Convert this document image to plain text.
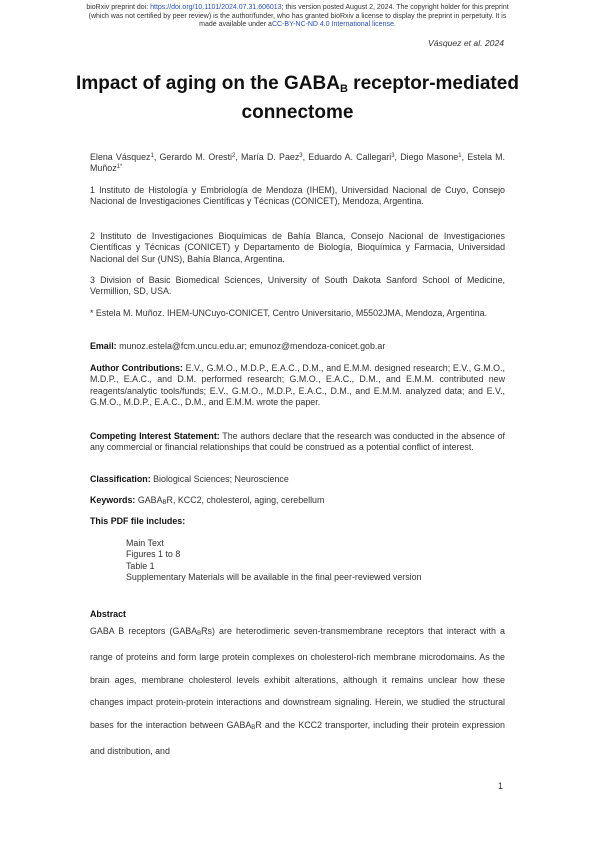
bioRxiv preprint doi: https://doi.org/10.1101/2024.07.31.606013; this version posted August 2, 2024. The copyright holder for this preprint
(which was not certified by peer review) is the author/funder, who has granted bioRxiv a license to display the preprint in perpetuity. It is
made available under aCC-BY-NC-ND 4.0 International license.
Vásquez et al. 2024
Impact of aging on the $GABA_B$ receptor-mediated connectome
Elena Vásquez$^1$, Gerardo M. Oresti$^2$, María D. Paez$^3$, Eduardo A. Callegari$^3$, Diego Masone$^1$, Estela M. Muñoz$^{1*}$
1 Instituto de Histología y Embriología de Mendoza (IHEM), Universidad Nacional de Cuyo, Consejo Nacional de Investigaciones Científicas y Técnicas (CONICET), Mendoza, Argentina.
2 Instituto de Investigaciones Bioquímicas de Bahía Blanca, Consejo Nacional de Investigaciones Científicas y Técnicas (CONICET) y Departamento de Biología, Bioquímica y Farmacia, Universidad Nacional del Sur (UNS), Bahía Blanca, Argentina.
3 Division of Basic Biomedical Sciences, University of South Dakota Sanford School of Medicine, Vermillion, SD, USA.
* Estela M. Muñoz. IHEM-UNCuyo-CONICET, Centro Universitario, M5502JMA, Mendoza, Argentina.
Email: munoz.estela@fcm.uncu.edu.ar; emunoz@mendoza-conicet.gob.ar
Author Contributions: E.V., G.M.O., M.D.P., E.A.C., D.M., and E.M.M. designed research; E.V., G.M.O., M.D.P., E.A.C., and D.M. performed research; G.M.O., E.A.C., D.M., and E.M.M. contributed new reagents/analytic tools/funds; E.V., G.M.O., M.D.P., E.A.C., D.M., and E.M.M. analyzed data; and E.V., G.M.O., M.D.P., E.A.C., D.M., and E.M.M. wrote the paper.
Competing Interest Statement: The authors declare that the research was conducted in the absence of any commercial or financial relationships that could be construed as a potential conflict of interest.
Classification: Biological Sciences; Neuroscience
Keywords: GABABR, KCC2, cholesterol, aging, cerebellum
This PDF file includes:
Main Text
Figures 1 to 8
Table 1
Supplementary Materials will be available in the final peer-reviewed version
Abstract
GABA B receptors (GABABRs) are heterodimeric seven-transmembrane receptors that interact with a range of proteins and form large protein complexes on cholesterol-rich membrane microdomains. As the brain ages, membrane cholesterol levels exhibit alterations, although it remains unclear how these changes impact protein-protein interactions and downstream signaling. Herein, we studied the structural bases for the interaction between GABABR and the KCC2 transporter, including their protein expression and distribution, and
1
